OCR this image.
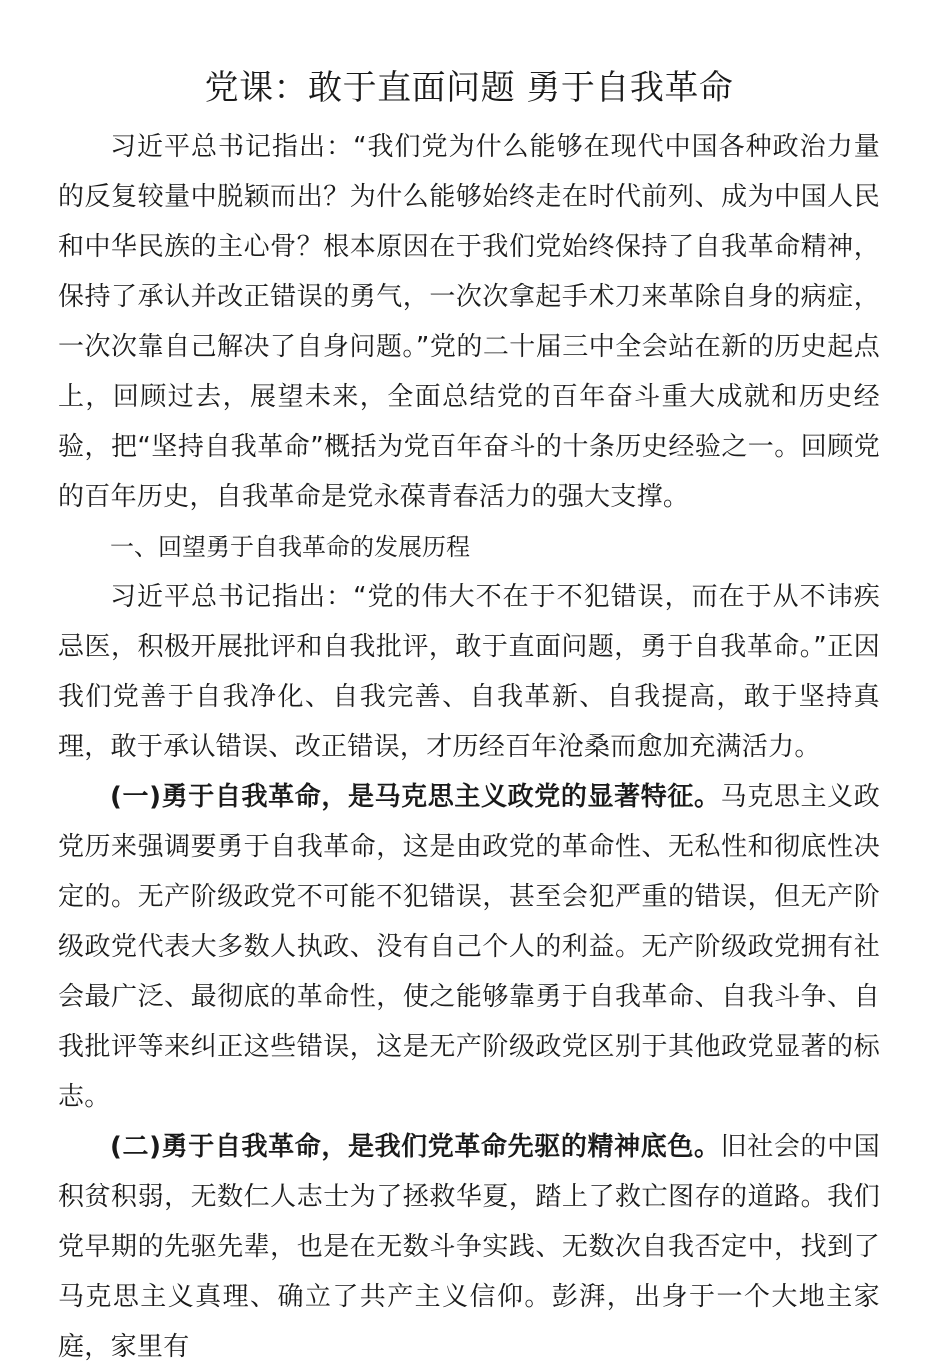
党课：敢于直面问题 勇于自我革命

习近平总书记指出：“我们党为什么能够在现代中国各种政治力量的反复较量中脱颖而出？为什么能够始终走在时代前列、成为中国人民和中华民族的主心骨？根本原因在于我们党始终保持了自我革命精神，保持了承认并改正错误的勇气，一次次拿起手术刀来革除自身的病症，一次次靠自己解决了自身问题。”党的二十届三中全会站在新的历史起点上，回顾过去，展望未来，全面总结党的百年奋斗重大成就和历史经验，把“坚持自我革命”概括为党百年奋斗的十条历史经验之一。回顾党的百年历史，自我革命是党永葆青春活力的强大支撑。

一、回望勇于自我革命的发展历程

习近平总书记指出：“党的伟大不在于不犯错误，而在于从不讳疾忌医，积极开展批评和自我批评，敢于直面问题，勇于自我革命。”正因我们党善于自我净化、自我完善、自我革新、自我提高，敢于坚持真理，敢于承认错误、改正错误，才历经百年沧桑而愈加充满活力。

(一)勇于自我革命，是马克思主义政党的显著特征。马克思主义政党历来强调要勇于自我革命，这是由政党的革命性、无私性和彻底性决定的。无产阶级政党不可能不犯错误，甚至会犯严重的错误，但无产阶级政党代表大多数人执政、没有自己个人的利益。无产阶级政党拥有社会最广泛、最彻底的革命性，使之能够靠勇于自我革命、自我斗争、自我批评等来纠正这些错误，这是无产阶级政党区别于其他政党显著的标志。

(二)勇于自我革命，是我们党革命先驱的精神底色。旧社会的中国积贫积弱，无数仁人志士为了拯救华夏，踏上了救亡图存的道路。我们党早期的先驱先辈，也是在无数斗争实践、无数次自我否定中，找到了马克思主义真理、确立了共产主义信仰。彭湃，出身于一个大地主家庭，家里有
